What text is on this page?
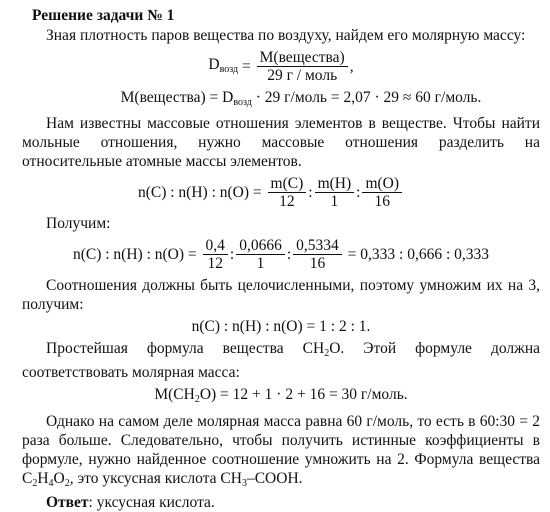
Решение задачи № 1

Зная плотность паров вещества по воздуху, найдем его молярную массу:

$D_{возд} = \frac{\text{M(вещества)}}{\text{29 г / моль}}$ ,

M(вещества) = $D_{возд} \cdot 29$ г/моль = 2,07 · 29 ≈ 60 г/моль.

Нам известны массовые отношения элементов в веществе. Чтобы найти мольные отношения, нужно массовые отношения разделить на относительные атомные массы элементов.

n(C) : n(H) : $n(O) = \frac{m(C)}{12}$ : $\frac{m(H)}{1}$ : $\frac{m(O)}{16}$

Получим:

n(C) : n(H) : $n(O) = \frac{0,4}{12}$ : $\frac{0,0666}{1}$ : $\frac{0,5334}{16} = 0,333$ : 0,666 : 0,333

Соотношения должны быть целочисленными, поэтому умножим их на 3, получим:

n(C) : n(H) : n(O) = 1 : 2 : 1.

Простейшая формула вещества $CH_2O$. Этой формуле должна соответствовать молярная масса:

$M(CH_2O) = 12 + 1 \cdot 2 + 16 = 30$ г/моль.

Однако на самом деле молярная масса равна 60 г/моль, то есть в 60:30 = 2 раза больше. Следовательно, чтобы получить истинные коэффициенты в формуле, нужно найденное соотношение умножить на 2. Формула вещества $C_2H_4O_2$, это уксусная кислота $CH_3$–COOH.

Ответ: уксусная кислота.
